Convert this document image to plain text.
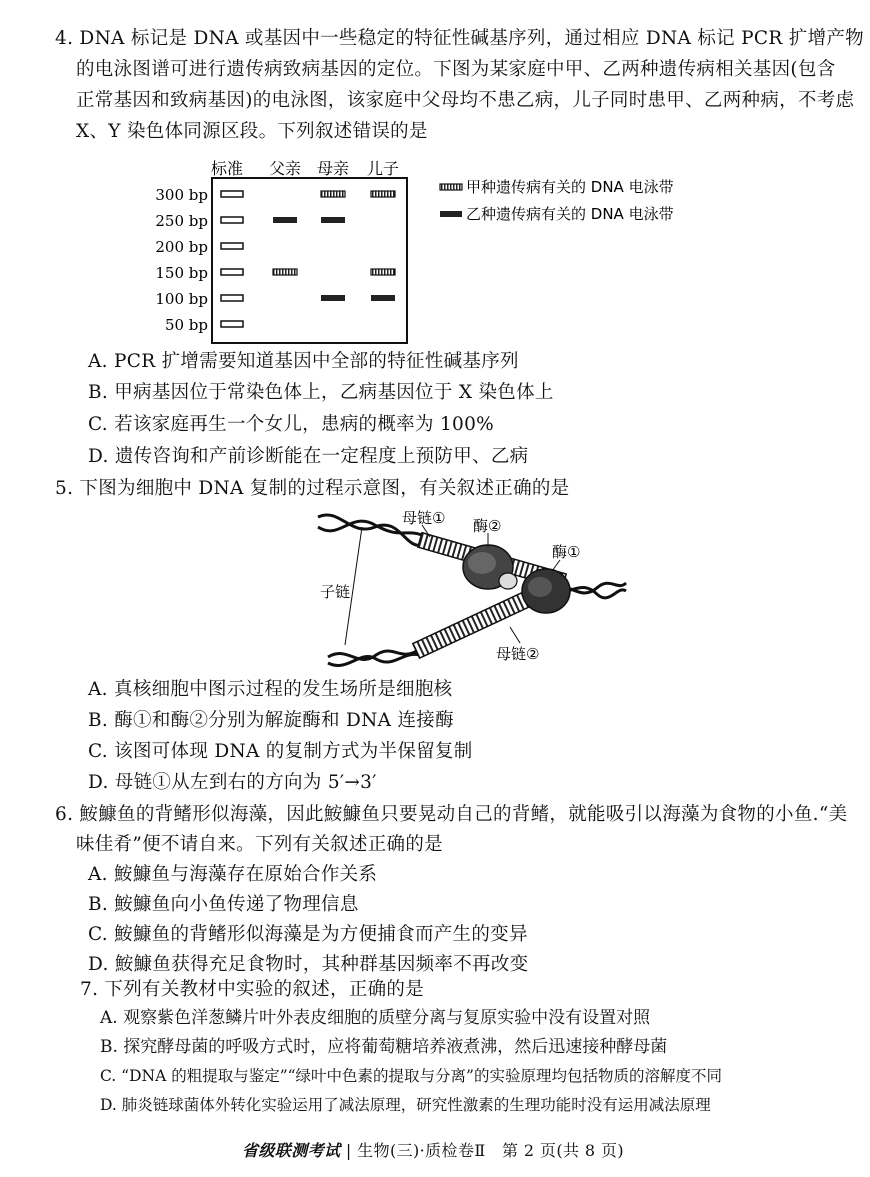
4. DNA 标记是 DNA 或基因中一些稳定的特征性碱基序列，通过相应 DNA 标记 PCR 扩增产物
的电泳图谱可进行遗传病致病基因的定位。下图为某家庭中甲、乙两种遗传病相关基因(包含
正常基因和致病基因)的电泳图，该家庭中父母均不患乙病，儿子同时患甲、乙两种病，不考虑
X、Y 染色体同源区段。下列叙述错误的是
标准 父亲 母亲 儿子
300 bp
250 bp
200 bp
150 bp
100 bp
50 bp
甲种遗传病有关的 DNA 电泳带
乙种遗传病有关的 DNA 电泳带
A. PCR 扩增需要知道基因中全部的特征性碱基序列
B. 甲病基因位于常染色体上，乙病基因位于 X 染色体上
C. 若该家庭再生一个女儿，患病的概率为 100%
D. 遗传咨询和产前诊断能在一定程度上预防甲、乙病
5. 下图为细胞中 DNA 复制的过程示意图，有关叙述正确的是
母链① 酶②
酶①
子链
母链②
A. 真核细胞中图示过程的发生场所是细胞核
B. 酶①和酶②分别为解旋酶和 DNA 连接酶
C. 该图可体现 DNA 的复制方式为半保留复制
D. 母链①从左到右的方向为 5′→3′
6. 鮟鱇鱼的背鳍形似海藻，因此鮟鱇鱼只要晃动自己的背鳍，就能吸引以海藻为食物的小鱼.“美
味佳肴”便不请自来。下列有关叙述正确的是
A. 鮟鱇鱼与海藻存在原始合作关系
B. 鮟鱇鱼向小鱼传递了物理信息
C. 鮟鱇鱼的背鳍形似海藻是为方便捕食而产生的变异
D. 鮟鱇鱼获得充足食物时，其种群基因频率不再改变
7. 下列有关教材中实验的叙述，正确的是
A. 观察紫色洋葱鳞片叶外表皮细胞的质壁分离与复原实验中没有设置对照
B. 探究酵母菌的呼吸方式时，应将葡萄糖培养液煮沸，然后迅速接种酵母菌
C. “DNA 的粗提取与鉴定”“绿叶中色素的提取与分离”的实验原理均包括物质的溶解度不同
D. 肺炎链球菌体外转化实验运用了减法原理，研究性激素的生理功能时没有运用减法原理
省级联测考试 | 生物(三)·质检卷Ⅱ　第 2 页(共 8 页)
